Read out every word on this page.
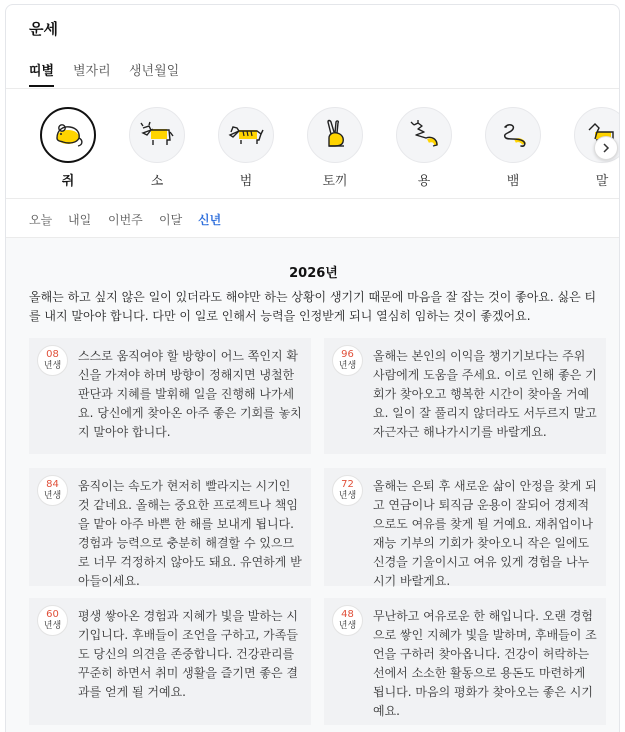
운세
띠별 별자리 생년월일
쥐	소	범	토끼	용	뱀	말
오늘 내일 이번주 이달 신년
2026년
올해는 하고 싶지 않은 일이 있더라도 해야만 하는 상황이 생기기 때문에 마음을 잘 잡는 것이 좋아요. 싫은 티를 내지 말아야 합니다. 다만 이 일로 인해서 능력을 인정받게 되니 열심히 임하는 것이 좋겠어요.
08
년생
스스로 움직여야 할 방향이 어느 쪽인지 확신을 가져야 하며 방향이 정해지면 냉철한 판단과 지혜를 발휘해 일을 진행해 나가세요. 당신에게 찾아온 아주 좋은 기회를 놓치지 말아야 합니다.
96
년생
올해는 본인의 이익을 챙기기보다는 주위 사람에게 도움을 주세요. 이로 인해 좋은 기회가 찾아오고 행복한 시간이 찾아올 거예요. 일이 잘 풀리지 않더라도 서두르지 말고 자근자근 해나가시기를 바랄게요.
84
년생
움직이는 속도가 현저히 빨라지는 시기인 것 같네요. 올해는 중요한 프로젝트나 책임을 맡아 아주 바쁜 한 해를 보내게 됩니다. 경험과 능력으로 충분히 해결할 수 있으므로 너무 걱정하지 않아도 돼요. 유연하게 받아들이세요.
72
년생
올해는 은퇴 후 새로운 삶이 안정을 찾게 되고 연금이나 퇴직금 운용이 잘되어 경제적으로도 여유를 찾게 될 거예요. 재취업이나 재능 기부의 기회가 찾아오니 작은 일에도 신경을 기울이시고 여유 있게 경험을 나누시기 바랄게요.
60
년생
평생 쌓아온 경험과 지혜가 빛을 발하는 시기입니다. 후배들이 조언을 구하고, 가족들도 당신의 의견을 존중합니다. 건강관리를 꾸준히 하면서 취미 생활을 즐기면 좋은 결과를 얻게 될 거예요.
48
년생
무난하고 여유로운 한 해입니다. 오랜 경험으로 쌓인 지혜가 빛을 발하며, 후배들이 조언을 구하러 찾아옵니다. 건강이 허락하는 선에서 소소한 활동으로 용돈도 마련하게 됩니다. 마음의 평화가 찾아오는 좋은 시기예요.
